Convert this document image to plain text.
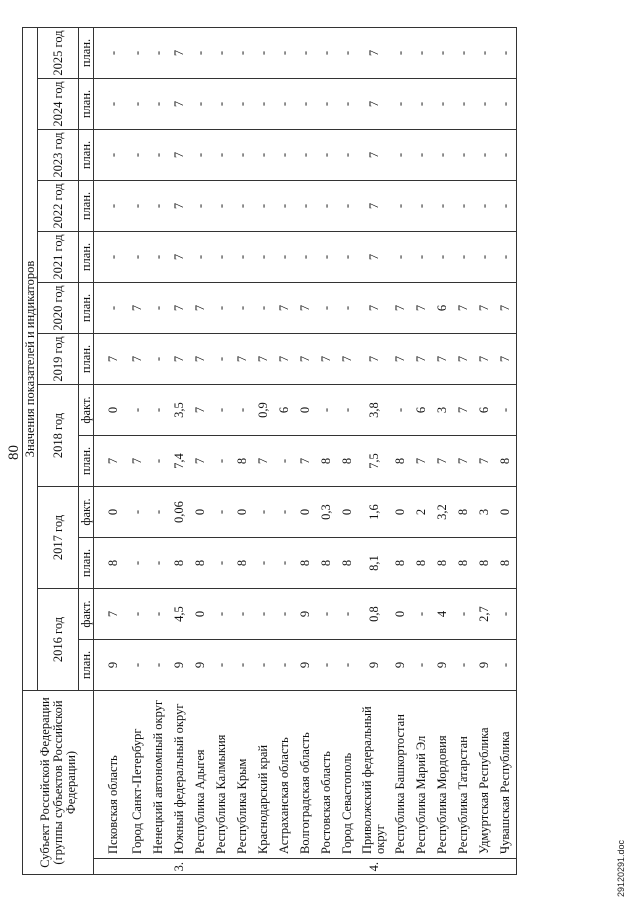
80
Субъект Российской Федерации (группы субъектов Российской Федерации)		Значения показателей и индикаторов												
		2016 год		2017 год		2018 год		2019 год	2020 год	2021 год	2022 год	2023 год	2024 год	2025 год
		план.	факт.	план.	факт.	план.	факт.	план.	план.	план.	план.	план.	план.	план.
	Псковская область	9	7	8	0	7	0	7	-	-	-	-	-	-
	Город Санкт-Петербург	-	-	-	-	7	-	7	7	-	-	-	-	-
	Ненецкий автономный округ	-	-	-	-	-	-	-	-	-	-	-	-	-
3.	Южный федеральный округ	9	4,5	8	0,06	7,4	3,5	7	7	7	7	7	7	7
	Республика Адыгея	9	0	8	0	7	7	7	7	-	-	-	-	-
	Республика Калмыкия	-	-	-	-	-	-	-	-	-	-	-	-	-
	Республика Крым	-	-	8	0	8	-	7	-	-	-	-	-	-
	Краснодарский край	-	-	-	-	7	0,9	7	-	-	-	-	-	-
	Астраханская область	-	-	-	-	-	6	7	7	-	-	-	-	-
	Волгоградская область	9	9	8	0	7	0	7	7	-	-	-	-	-
	Ростовская область	-	-	8	0,3	8	-	7	-	-	-	-	-	-
	Город Севастополь	-	-	8	0	8	-	7	-	-	-	-	-	-
4.	Приволжский федеральный округ	9	0,8	8,1	1,6	7,5	3,8	7	7	7	7	7	7	7
	Республика Башкортостан	9	0	8	0	8	-	7	7	-	-	-	-	-
	Республика Марий Эл	-	-	8	2	7	6	7	7	-	-	-	-	-
	Республика Мордовия	9	4	8	3,2	7	3	7	6	-	-	-	-	-
	Республика Татарстан	-	-	8	8	7	7	7	7	-	-	-	-	-
	Удмуртская Республика	9	2,7	8	3	7	6	7	7	-	-	-	-	-
	Чувашская Республика	-	-	8	0	8	-	7	7	-	-	-	-	-
29120291.doc
